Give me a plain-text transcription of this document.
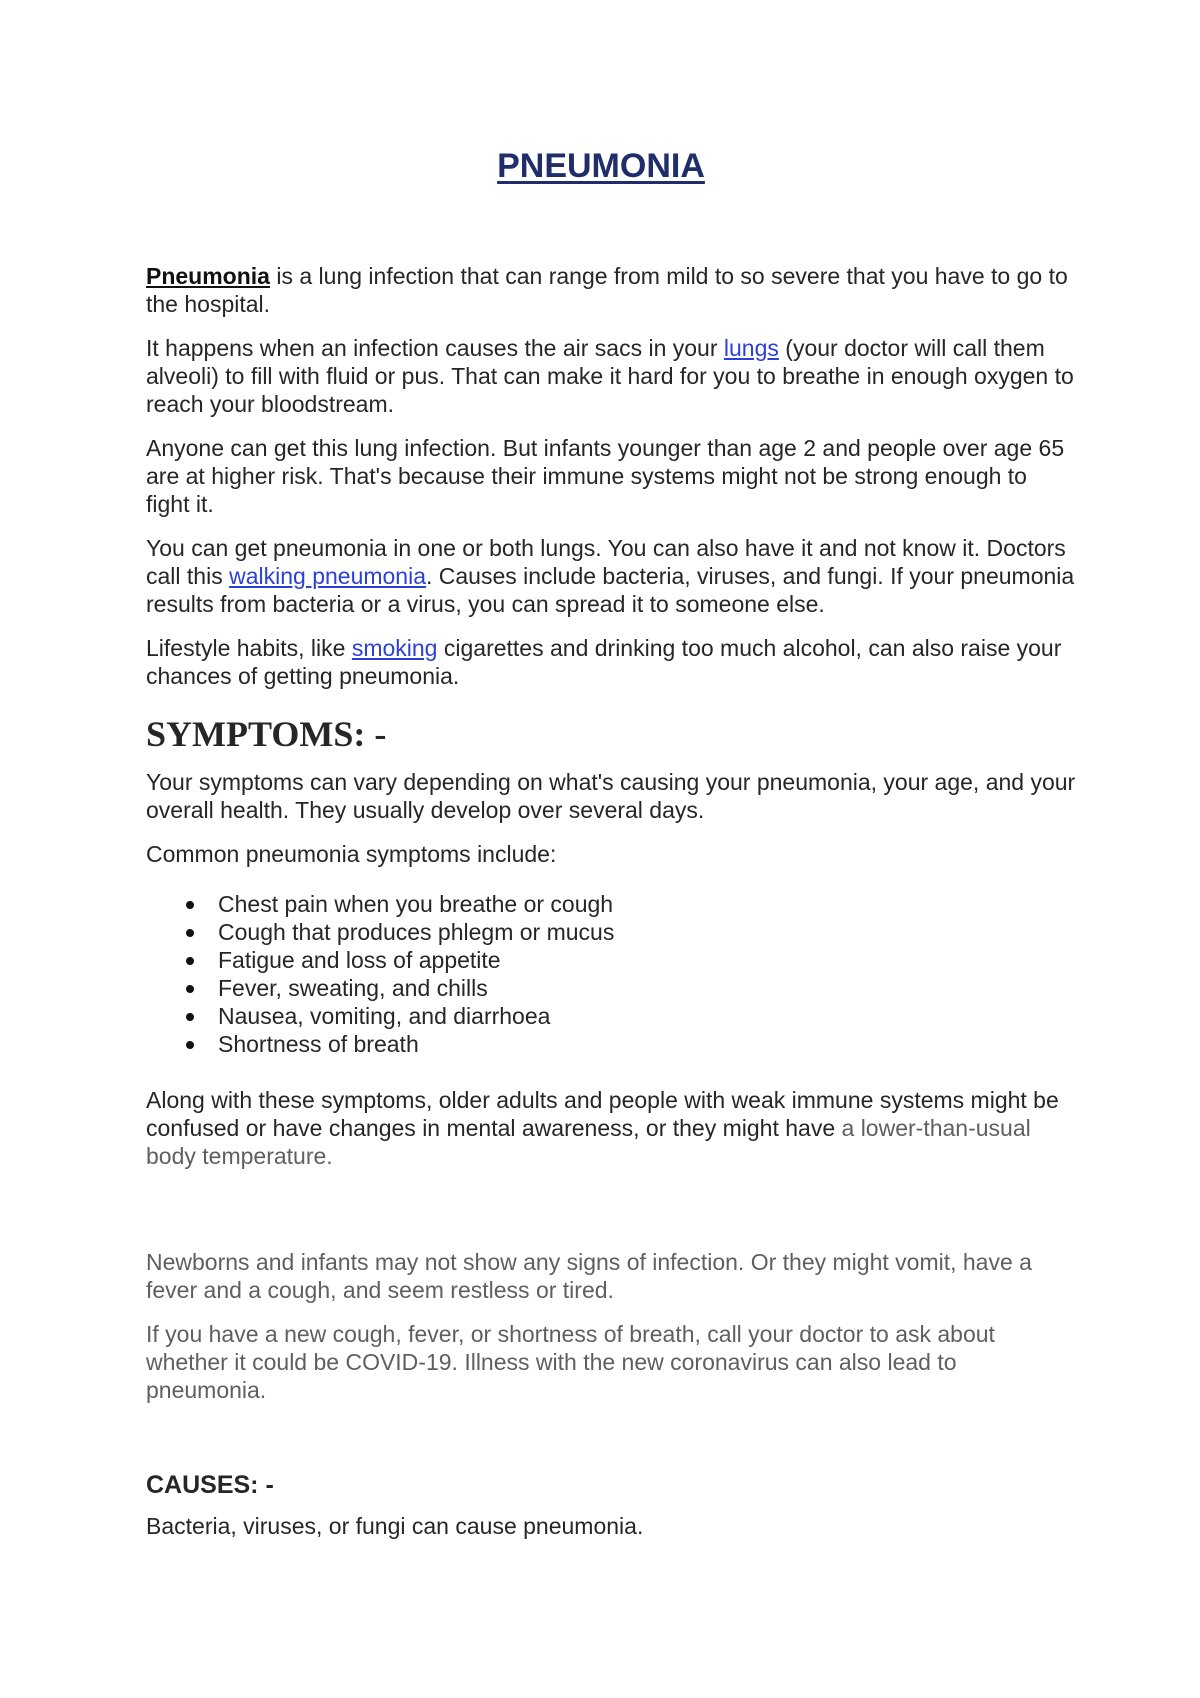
PNEUMONIA

Pneumonia is a lung infection that can range from mild to so severe that you have to go to the hospital.

It happens when an infection causes the air sacs in your lungs (your doctor will call them alveoli) to fill with fluid or pus. That can make it hard for you to breathe in enough oxygen to reach your bloodstream.

Anyone can get this lung infection. But infants younger than age 2 and people over age 65 are at higher risk. That's because their immune systems might not be strong enough to fight it.

You can get pneumonia in one or both lungs. You can also have it and not know it. Doctors call this walking pneumonia. Causes include bacteria, viruses, and fungi. If your pneumonia results from bacteria or a virus, you can spread it to someone else.

Lifestyle habits, like smoking cigarettes and drinking too much alcohol, can also raise your chances of getting pneumonia.

SYMPTOMS: -

Your symptoms can vary depending on what's causing your pneumonia, your age, and your overall health. They usually develop over several days.

Common pneumonia symptoms include:

Chest pain when you breathe or cough
Cough that produces phlegm or mucus
Fatigue and loss of appetite
Fever, sweating, and chills
Nausea, vomiting, and diarrhoea
Shortness of breath

Along with these symptoms, older adults and people with weak immune systems might be confused or have changes in mental awareness, or they might have a lower-than-usual body temperature.

Newborns and infants may not show any signs of infection. Or they might vomit, have a fever and a cough, and seem restless or tired.

If you have a new cough, fever, or shortness of breath, call your doctor to ask about whether it could be COVID-19. Illness with the new coronavirus can also lead to pneumonia.

CAUSES: -

Bacteria, viruses, or fungi can cause pneumonia.
